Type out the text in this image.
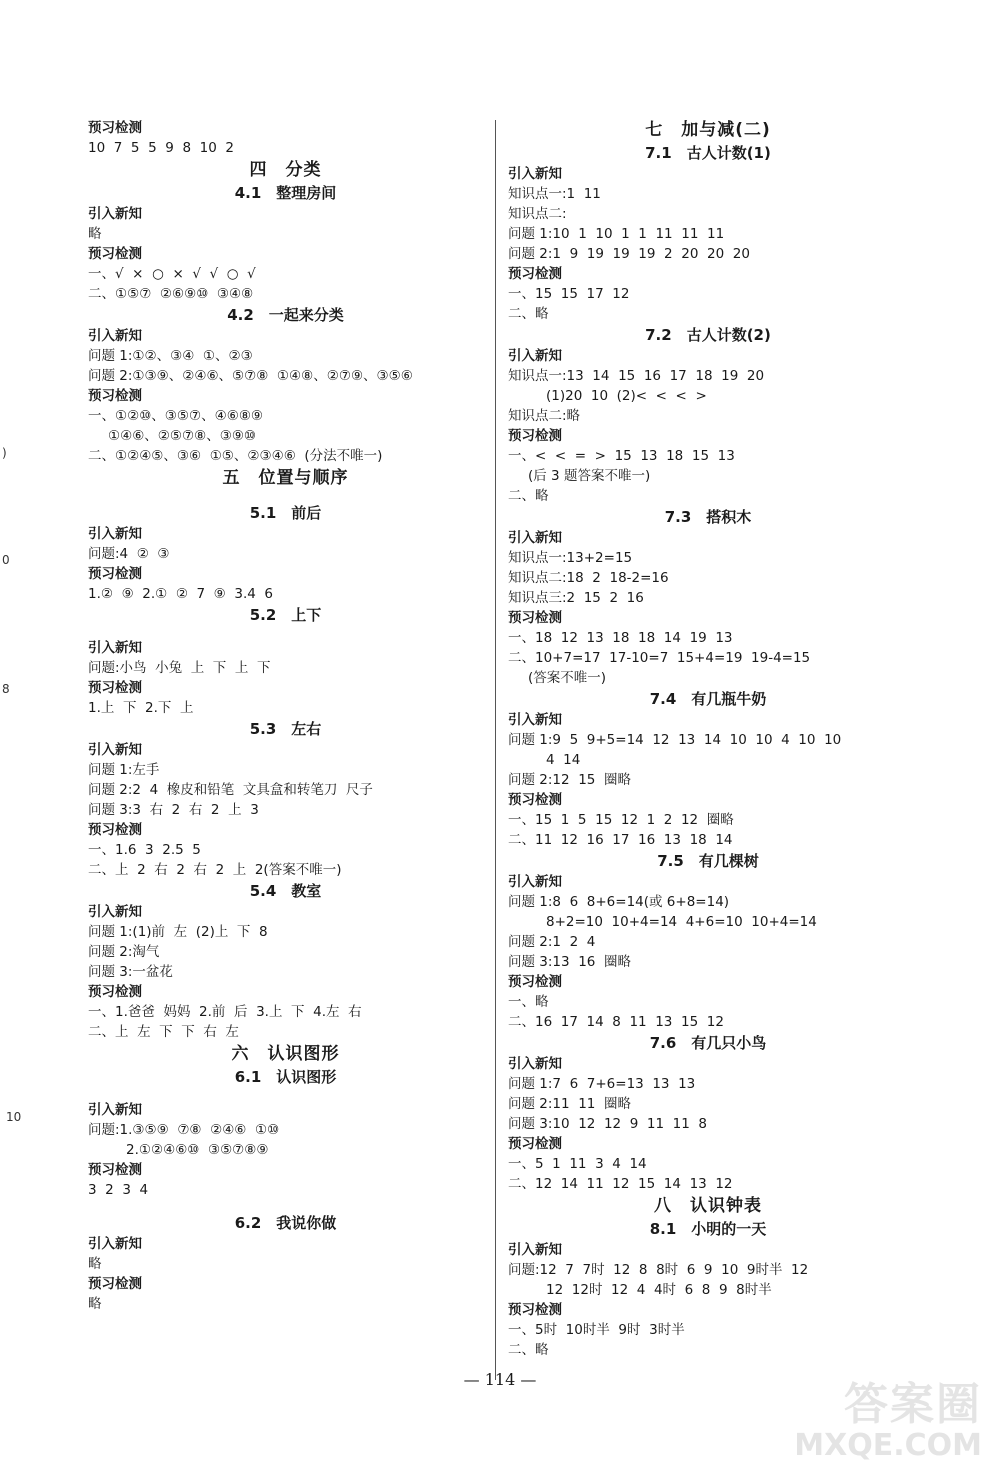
预习检测
10  7  5  5  9  8  10  2
四　分类
4.1　整理房间
引入新知
略
预习检测
一、√  ×  ○  ×  √  √  ○  √
二、①⑤⑦  ②⑥⑨⑩  ③④⑧
4.2　一起来分类
引入新知
问题 1:①②、③④  ①、②③
问题 2:①③⑨、②④⑥、⑤⑦⑧  ①④⑧、②⑦⑨、③⑤⑥
预习检测
一、①②⑩、③⑤⑦、④⑥⑧⑨
①④⑥、②⑤⑦⑧、③⑨⑩
二、①②④⑤、③⑥  ①⑤、②③④⑥  (分法不唯一)
五　位置与顺序
5.1　前后
引入新知
问题:4  ②  ③
预习检测
1.②  ⑨  2.①  ②  7  ⑨  3.4  6
5.2　上下
引入新知
问题:小鸟  小兔  上  下  上  下
预习检测
1.上  下  2.下  上
5.3　左右
引入新知
问题 1:左手
问题 2:2  4  橡皮和铅笔  文具盒和转笔刀  尺子
问题 3:3  右  2  右  2  上  3
预习检测
一、1.6  3  2.5  5
二、上  2  右  2  右  2  上  2(答案不唯一)
5.4　教室
引入新知
问题 1:(1)前  左  (2)上  下  8
问题 2:淘气
问题 3:一盆花
预习检测
一、1.爸爸  妈妈  2.前  后  3.上  下  4.左  右
二、上  左  下  下  右  左
六　认识图形
6.1　认识图形
引入新知
问题:1.③⑤⑨  ⑦⑧  ②④⑥  ①⑩
2.①②④⑥⑩  ③⑤⑦⑧⑨
预习检测
3  2  3  4
6.2　我说你做
引入新知
略
预习检测
略
七　加与减(二)
7.1　古人计数(1)
引入新知
知识点一:1  11
知识点二:
问题 1:10  1  10  1  1  11  11  11
问题 2:1  9  19  19  19  2  20  20  20
预习检测
一、15  15  17  12
二、略
7.2　古人计数(2)
引入新知
知识点一:13  14  15  16  17  18  19  20
(1)20  10  (2)<  <  <  >
知识点二:略
预习检测
一、<  <  =  >  15  13  18  15  13
(后 3 题答案不唯一)
二、略
7.3　搭积木
引入新知
知识点一:13+2=15
知识点二:18  2  18-2=16
知识点三:2  15  2  16
预习检测
一、18  12  13  18  18  14  19  13
二、10+7=17  17-10=7  15+4=19  19-4=15
(答案不唯一)
7.4　有几瓶牛奶
引入新知
问题 1:9  5  9+5=14  12  13  14  10  10  4  10  10
4  14
问题 2:12  15  圈略
预习检测
一、15  1  5  15  12  1  2  12  圈略
二、11  12  16  17  16  13  18  14
7.5　有几棵树
引入新知
问题 1:8  6  8+6=14(或 6+8=14)
8+2=10  10+4=14  4+6=10  10+4=14
问题 2:1  2  4
问题 3:13  16  圈略
预习检测
一、略
二、16  17  14  8  11  13  15  12
7.6　有几只小鸟
引入新知
问题 1:7  6  7+6=13  13  13
问题 2:11  11  圈略
问题 3:10  12  12  9  11  11  8
预习检测
一、5  1  11  3  4  14
二、12  14  11  12  15  14  13  12
八　认识钟表
8.1　小明的一天
引入新知
问题:12  7  7时  12  8  8时  6  9  10  9时半  12
12  12时  12  4  4时  6  8  9  8时半
预习检测
一、5时  10时半  9时  3时半
二、略
)
0
8
10
— 114 —	答案圈
MXQE.COM
